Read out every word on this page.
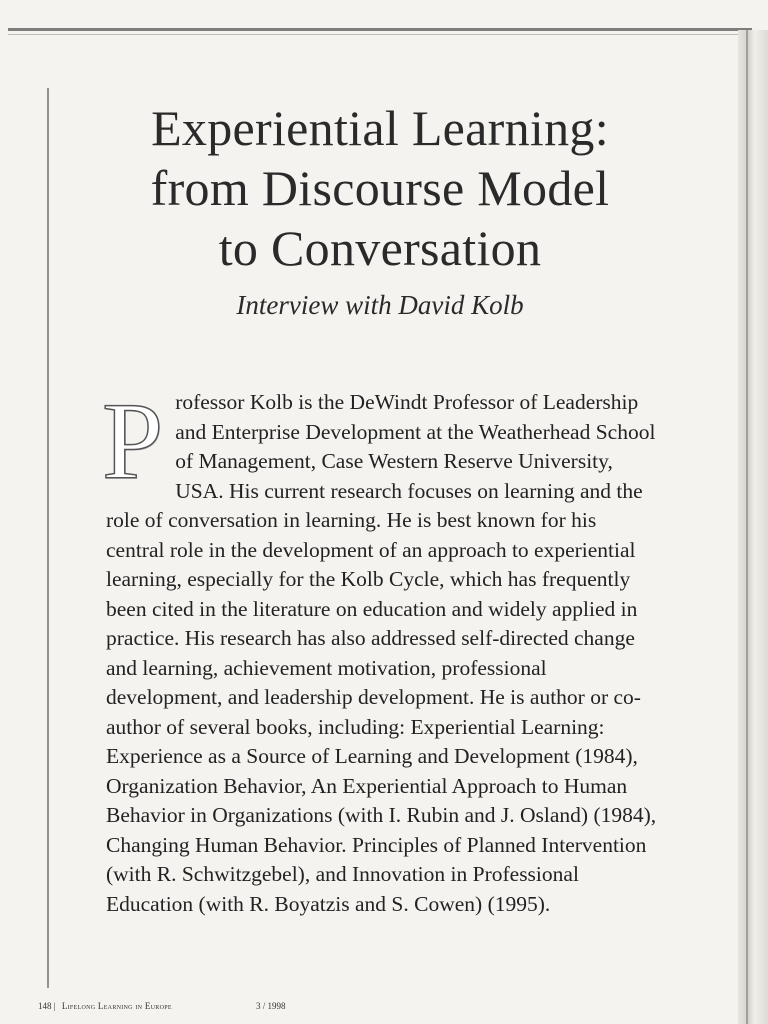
Experiential Learning:
from Discourse Model
to Conversation
Interview with David Kolb
P rofessor Kolb is the DeWindt Professor of Leadership and Enterprise Development at the Weatherhead School of Management, Case Western Reserve University, USA. His current research focuses on learning and the role of conversation in learning. He is best known for his central role in the development of an approach to experiential learning, especially for the Kolb Cycle, which has frequently been cited in the literature on education and widely applied in practice. His research has also addressed self-directed change and learning, achievement motivation, professional development, and leadership development. He is author or co-author of several books, including: Experiential Learning: Experience as a Source of Learning and Development (1984), Organization Behavior, An Experiential Approach to Human Behavior in Organizations (with I. Rubin and J. Osland) (1984), Changing Human Behavior. Principles of Planned Intervention (with R. Schwitzgebel), and Innovation in Professional Education (with R. Boyatzis and S. Cowen) (1995).

148 | Lifelong Learning in Europe	3 / 1998
